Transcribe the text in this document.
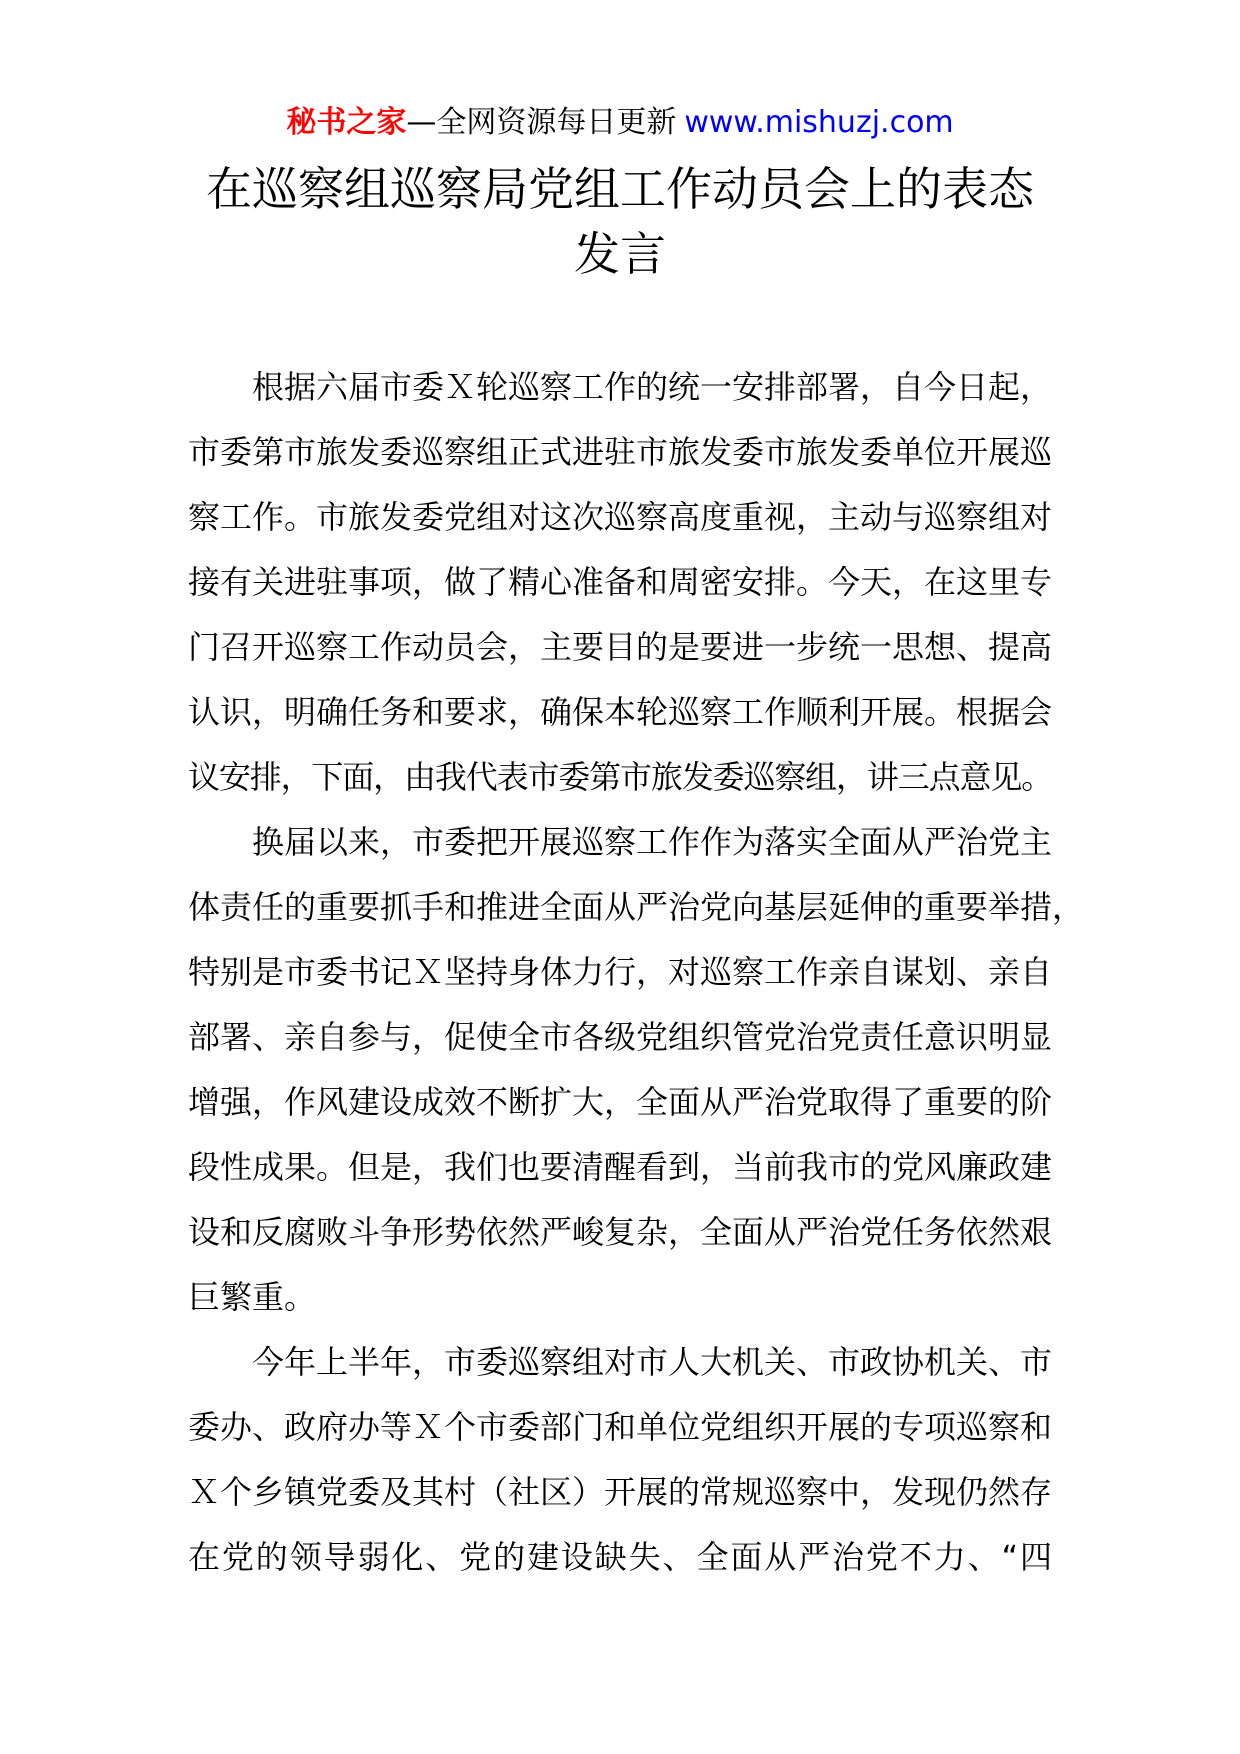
秘书之家—全网资源每日更新 www.mishuzj.com
在巡察组巡察局党组工作动员会上的表态
发言
根据六届市委Ｘ轮巡察工作的统一安排部署，自今日起，
市委第市旅发委巡察组正式进驻市旅发委市旅发委单位开展巡
察工作。市旅发委党组对这次巡察高度重视，主动与巡察组对
接有关进驻事项，做了精心准备和周密安排。今天，在这里专
门召开巡察工作动员会，主要目的是要进一步统一思想、提高
认识，明确任务和要求，确保本轮巡察工作顺利开展。根据会
议安排，下面，由我代表市委第市旅发委巡察组，讲三点意见。
换届以来，市委把开展巡察工作作为落实全面从严治党主
体责任的重要抓手和推进全面从严治党向基层延伸的重要举措，
特别是市委书记Ｘ坚持身体力行，对巡察工作亲自谋划、亲自
部署、亲自参与，促使全市各级党组织管党治党责任意识明显
增强，作风建设成效不断扩大，全面从严治党取得了重要的阶
段性成果。但是，我们也要清醒看到，当前我市的党风廉政建
设和反腐败斗争形势依然严峻复杂，全面从严治党任务依然艰
巨繁重。
今年上半年，市委巡察组对市人大机关、市政协机关、市
委办、政府办等Ｘ个市委部门和单位党组织开展的专项巡察和
Ｘ个乡镇党委及其村（社区）开展的常规巡察中，发现仍然存
在党的领导弱化、党的建设缺失、全面从严治党不力、“四
